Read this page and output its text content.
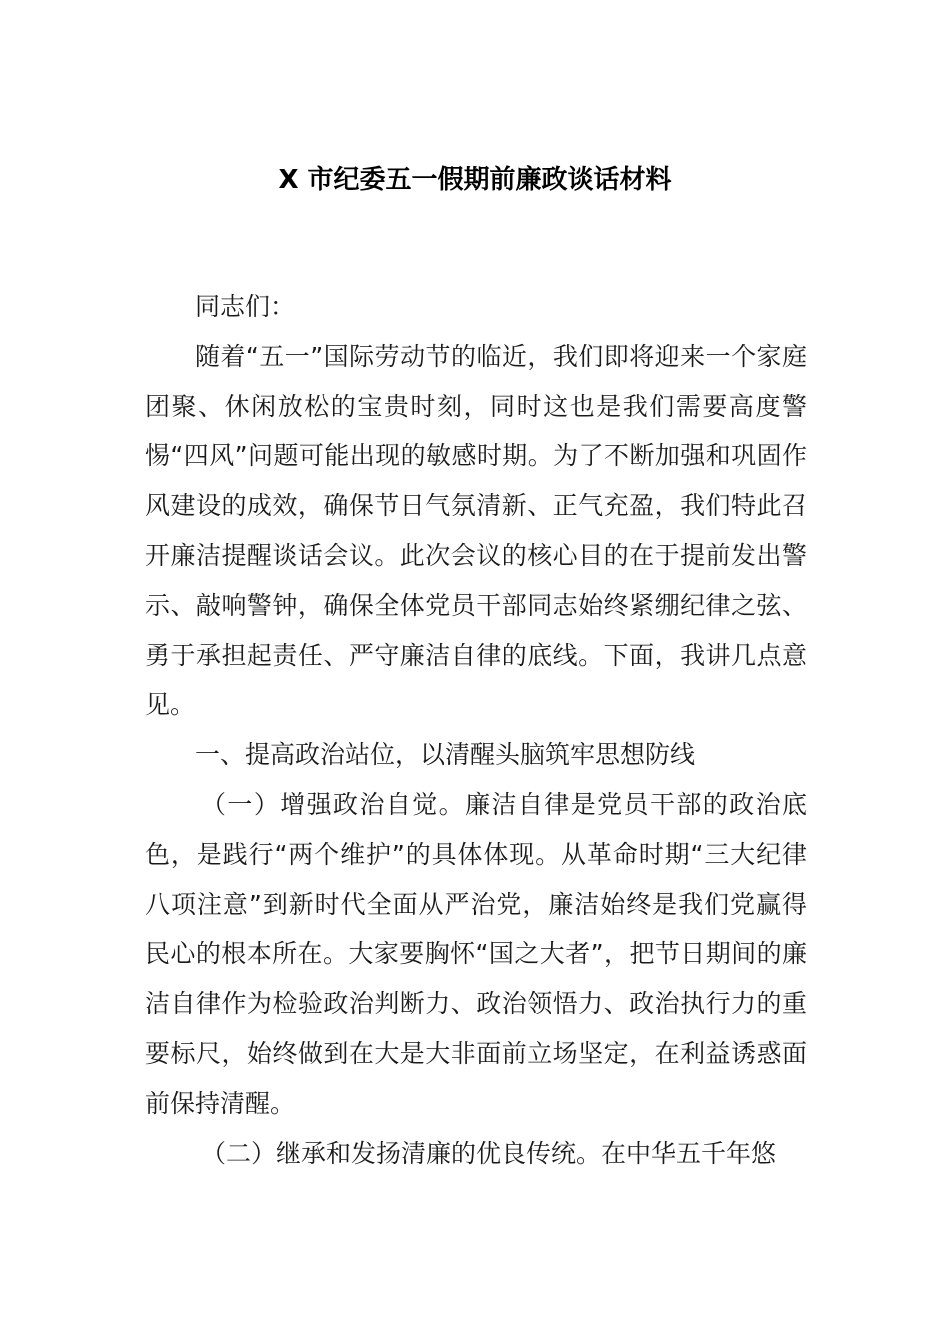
X 市纪委五一假期前廉政谈话材料

同志们：

随着“五一”国际劳动节的临近，我们即将迎来一个家庭团聚、休闲放松的宝贵时刻，同时这也是我们需要高度警惕“四风”问题可能出现的敏感时期。为了不断加强和巩固作风建设的成效，确保节日气氛清新、正气充盈，我们特此召开廉洁提醒谈话会议。此次会议的核心目的在于提前发出警示、敲响警钟，确保全体党员干部同志始终紧绷纪律之弦、勇于承担起责任、严守廉洁自律的底线。下面，我讲几点意见。

一、提高政治站位，以清醒头脑筑牢思想防线

（一）增强政治自觉。廉洁自律是党员干部的政治底色，是践行“两个维护”的具体体现。从革命时期“三大纪律八项注意”到新时代全面从严治党，廉洁始终是我们党赢得民心的根本所在。大家要胸怀“国之大者”，把节日期间的廉洁自律作为检验政治判断力、政治领悟力、政治执行力的重要标尺，始终做到在大是大非面前立场坚定，在利益诱惑面前保持清醒。

（二）继承和发扬清廉的优良传统。在中华五千年悠
